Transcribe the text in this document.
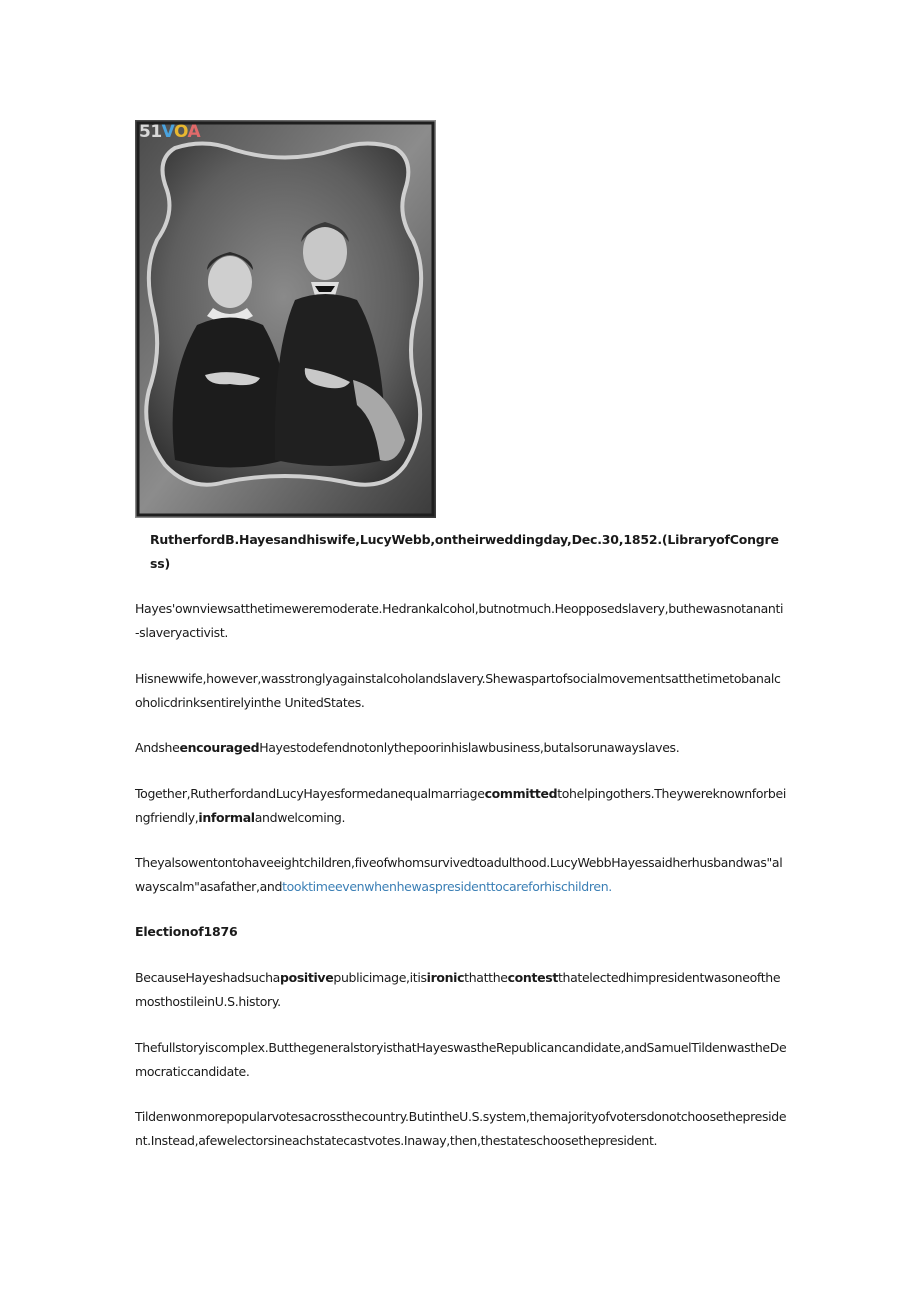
51VOA

RutherfordB.Hayesandhiswife,LucyWebb,ontheirweddingday,Dec.30,1852.(LibraryofCongress)

Hayes'ownviewsatthetimeweremoderate.Hedrankalcohol,butnotmuch.Heopposedslavery,buthewasnotananti-slaveryactivist.

Hisnewwife,however,wasstronglyagainstalcoholandslavery.Shewaspartofsocialmovementsatthetimetobanalcoholicdrinksentirelyinthe UnitedStates.

AndsheencouragedHayestodefendnotonlythepoorinhislawbusiness,butalsorunawayslaves.

Together,RutherfordandLucyHayesformedanequalmarriagecommittedtohelpingothers.Theywereknownforbeingfriendly,informalandwelcoming.

Theyalsowentontohaveeightchildren,fiveofwhomsurvivedtoadulthood.LucyWebbHayessaidherhusbandwas"alwayscalm"asafather,andtooktimeevenwhenhewaspresidenttocareforhischildren.

Electionof1876

BecauseHayeshadsuchapositivepublicimage,itisironicthatthecontestthatelectedhimpresidentwasoneofthemosthostileinU.S.history.

Thefullstoryiscomplex.ButthegeneralstoryisthatHayeswastheRepublicancandidate,andSamuelTildenwastheDemocraticcandidate.

Tildenwonmorepopularvotesacrossthecountry.ButintheU.S.system,themajorityofvotersdonotchoosethepresident.Instead,afewelectorsineachstatecastvotes.Inaway,then,thestateschoosethepresident.
